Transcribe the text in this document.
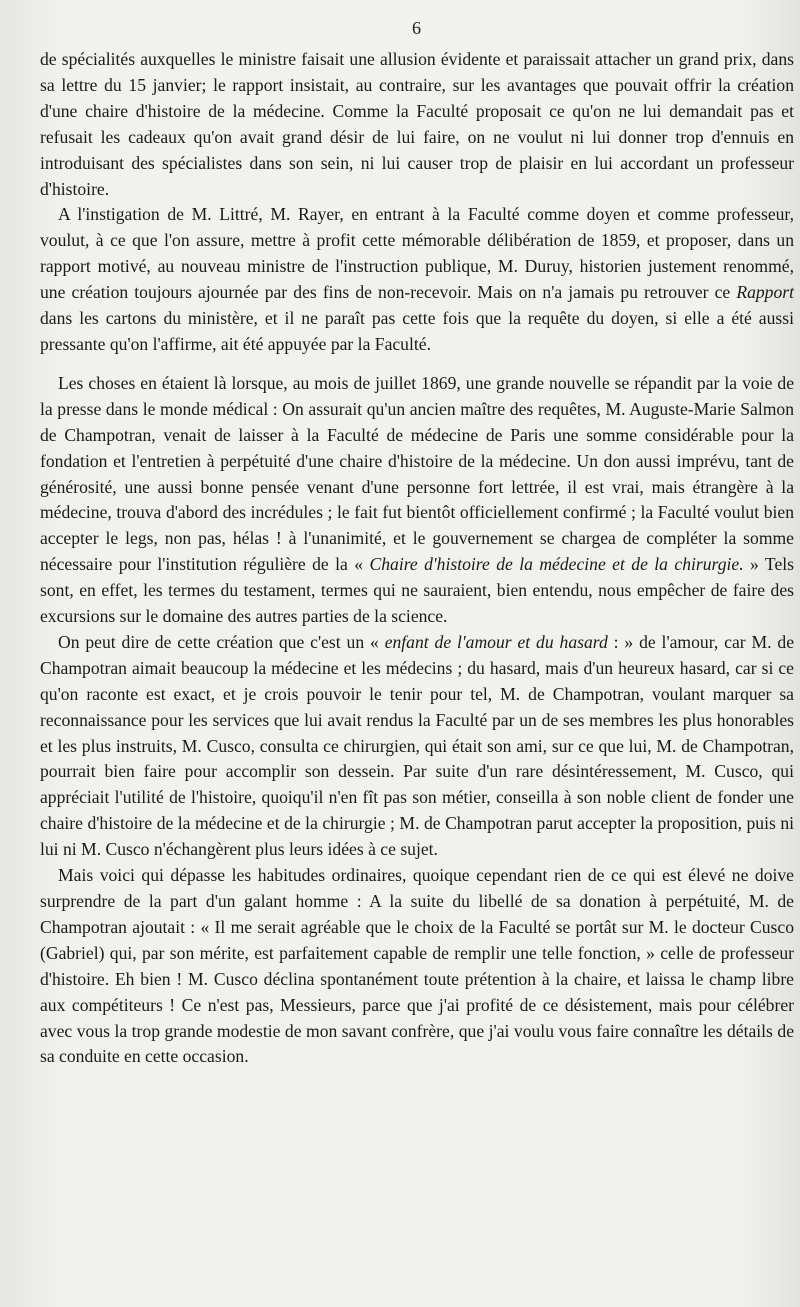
6

de spécialités auxquelles le ministre faisait une allusion évidente et paraissait attacher un grand prix, dans sa lettre du 15 janvier; le rapport insistait, au contraire, sur les avantages que pouvait offrir la création d'une chaire d'histoire de la médecine. Comme la Faculté proposait ce qu'on ne lui demandait pas et refusait les cadeaux qu'on avait grand désir de lui faire, on ne voulut ni lui donner trop d'ennuis en introduisant des spécialistes dans son sein, ni lui causer trop de plaisir en lui accordant un professeur d'histoire.

A l'instigation de M. Littré, M. Rayer, en entrant à la Faculté comme doyen et comme professeur, voulut, à ce que l'on assure, mettre à profit cette mémorable délibération de 1859, et proposer, dans un rapport motivé, au nouveau ministre de l'instruction publique, M. Duruy, historien justement renommé, une création toujours ajournée par des fins de non-recevoir. Mais on n'a jamais pu retrouver ce Rapport dans les cartons du ministère, et il ne paraît pas cette fois que la requête du doyen, si elle a été aussi pressante qu'on l'affirme, ait été appuyée par la Faculté.

Les choses en étaient là lorsque, au mois de juillet 1869, une grande nouvelle se répandit par la voie de la presse dans le monde médical : On assurait qu'un ancien maître des requêtes, M. Auguste-Marie Salmon de Champotran, venait de laisser à la Faculté de médecine de Paris une somme considérable pour la fondation et l'entretien à perpétuité d'une chaire d'histoire de la médecine. Un don aussi imprévu, tant de générosité, une aussi bonne pensée venant d'une personne fort lettrée, il est vrai, mais étrangère à la médecine, trouva d'abord des incrédules ; le fait fut bientôt officiellement confirmé ; la Faculté voulut bien accepter le legs, non pas, hélas ! à l'unanimité, et le gouvernement se chargea de compléter la somme nécessaire pour l'institution régulière de la « Chaire d'histoire de la médecine et de la chirurgie. » Tels sont, en effet, les termes du testament, termes qui ne sauraient, bien entendu, nous empêcher de faire des excursions sur le domaine des autres parties de la science.

On peut dire de cette création que c'est un « enfant de l'amour et du hasard : » de l'amour, car M. de Champotran aimait beaucoup la médecine et les médecins ; du hasard, mais d'un heureux hasard, car si ce qu'on raconte est exact, et je crois pouvoir le tenir pour tel, M. de Champotran, voulant marquer sa reconnaissance pour les services que lui avait rendus la Faculté par un de ses membres les plus honorables et les plus instruits, M. Cusco, consulta ce chirurgien, qui était son ami, sur ce que lui, M. de Champotran, pourrait bien faire pour accomplir son dessein. Par suite d'un rare désintéressement, M. Cusco, qui appréciait l'utilité de l'histoire, quoiqu'il n'en fît pas son métier, conseilla à son noble client de fonder une chaire d'histoire de la médecine et de la chirurgie ; M. de Champotran parut accepter la proposition, puis ni lui ni M. Cusco n'échangèrent plus leurs idées à ce sujet.

Mais voici qui dépasse les habitudes ordinaires, quoique cependant rien de ce qui est élevé ne doive surprendre de la part d'un galant homme : A la suite du libellé de sa donation à perpétuité, M. de Champotran ajoutait : « Il me serait agréable que le choix de la Faculté se portât sur M. le docteur Cusco (Gabriel) qui, par son mérite, est parfaitement capable de remplir une telle fonction, » celle de professeur d'histoire. Eh bien ! M. Cusco déclina spontanément toute prétention à la chaire, et laissa le champ libre aux compétiteurs ! Ce n'est pas, Messieurs, parce que j'ai profité de ce désistement, mais pour célébrer avec vous la trop grande modestie de mon savant confrère, que j'ai voulu vous faire connaître les détails de sa conduite en cette occasion.
